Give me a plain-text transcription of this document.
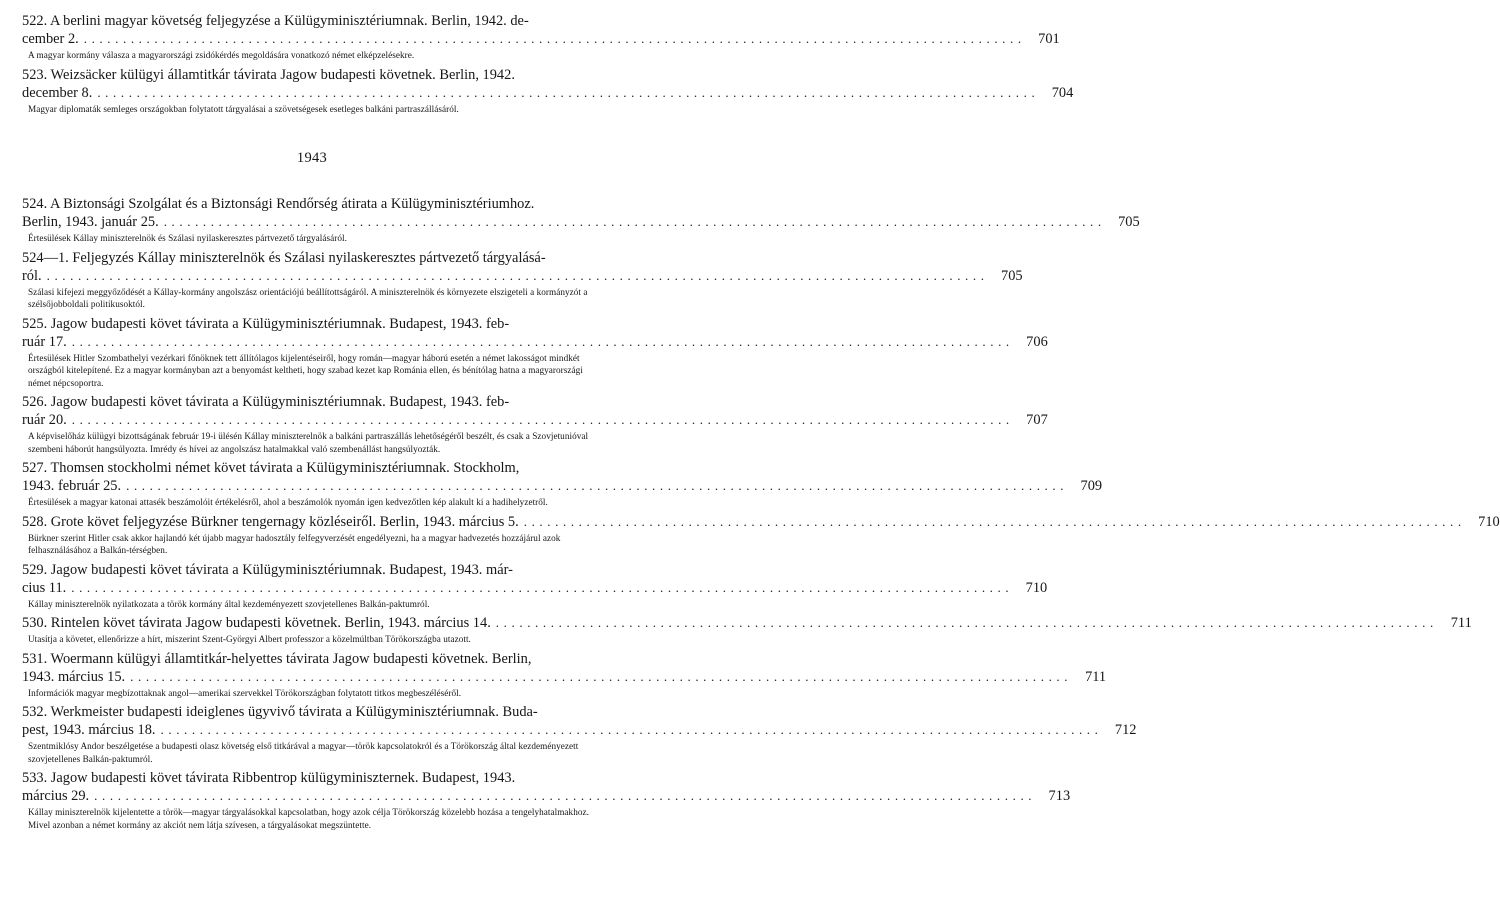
522. A berlini magyar követség feljegyzése a Külügyminisztériumnak. Berlin, 1942. de-
cember 2. ........................................................................................................................ 701
A magyar kormány válasza a magyarországi zsidókérdés megoldására vonatkozó német elképzelésekre.
523. Weizsäcker külügyi államtitkár távirata Jagow budapesti követnek. Berlin, 1942.
december 8. ........................................................................................................................ 704
Magyar diplomaták semleges országokban folytatott tárgyalásai a szövetségesek esetleges balkáni partraszállásáról.
1943
524. A Biztonsági Szolgálat és a Biztonsági Rendőrség átirata a Külügyminisztériumhoz.
Berlin, 1943. január 25. ........................................................................................................................ 705
Értesülések Kállay miniszterelnök és Szálasi nyilaskeresztes pártvezető tárgyalásáról.
524—1. Feljegyzés Kállay miniszterelnök és Szálasi nyilaskeresztes pártvezető tárgyalásá-
ról. ........................................................................................................................ 705
Szálasi kifejezi meggyőződését a Kállay-kormány angolszász orientációjú beállítottságáról. A miniszterelnök és környezete elszigeteli a kormányzót a szélsőjobboldali politikusoktól.
525. Jagow budapesti követ távirata a Külügyminisztériumnak. Budapest, 1943. feb-
ruár 17. ........................................................................................................................ 706
Értesülések Hitler Szombathelyi vezérkari főnöknek tett állítólagos kijelentéseiről, hogy román—magyar háború esetén a német lakosságot mindkét országból kitelepítené. Ez a magyar kormányban azt a benyomást keltheti, hogy szabad kezet kap Románia ellen, és bénítólag hatna a magyarországi német népcsoportra.
526. Jagow budapesti követ távirata a Külügyminisztériumnak. Budapest, 1943. feb-
ruár 20. ........................................................................................................................ 707
A képviselőház külügyi bizottságának február 19-i ülésén Kállay miniszterelnök a balkáni partraszállás lehetőségéről beszélt, és csak a Szovjetunióval szembeni háborút hangsúlyozta. Imrédy és hívei az angolszász hatalmakkal való szembenállást hangsúlyozták.
527. Thomsen stockholmi német követ távirata a Külügyminisztériumnak. Stockholm,
1943. február 25. ........................................................................................................................ 709
Értesülések a magyar katonai attasék beszámolóit értékelésről, ahol a beszámolók nyomán igen kedvezőtlen kép alakult ki a hadihelyzetről.
528. Grote követ feljegyzése Bürkner tengernagy közléseiről. Berlin, 1943. március 5. ........................................................................................................................ 710
Bürkner szerint Hitler csak akkor hajlandó két újabb magyar hadosztály felfegyverzését engedélyezni, ha a magyar hadvezetés hozzájárul azok felhasználásához a Balkán-térségben.
529. Jagow budapesti követ távirata a Külügyminisztériumnak. Budapest, 1943. már-
cius 11. ........................................................................................................................ 710
Kállay miniszterelnök nyilatkozata a török kormány által kezdeményezett szovjetellenes Balkán-paktumról.
530. Rintelen követ távirata Jagow budapesti követnek. Berlin, 1943. március 14. ........................................................................................................................ 711
Utasítja a követet, ellenőrizze a hírt, miszerint Szent-Györgyi Albert professzor a közelmúltban Törökországba utazott.
531. Woermann külügyi államtitkár-helyettes távirata Jagow budapesti követnek. Berlin,
1943. március 15. ........................................................................................................................ 711
Információk magyar megbízottaknak angol—amerikai szervekkel Törökországban folytatott titkos megbeszéléséről.
532. Werkmeister budapesti ideiglenes ügyvivő távirata a Külügyminisztériumnak. Buda-
pest, 1943. március 18. ........................................................................................................................ 712
Szentmiklósy Andor beszélgetése a budapesti olasz követség első titkárával a magyar—török kapcsolatokról és a Törökország által kezdeményezett szovjetellenes Balkán-paktumról.
533. Jagow budapesti követ távirata Ribbentrop külügyminiszternek. Budapest, 1943.
március 29. ........................................................................................................................ 713
Kállay miniszterelnök kijelentette a török—magyar tárgyalásokkal kapcsolatban, hogy azok célja Törökország közelebb hozása a tengelyhatalmakhoz. Mivel azonban a német kormány az akciót nem látja szívesen, a tárgyalásokat megszüntette.
